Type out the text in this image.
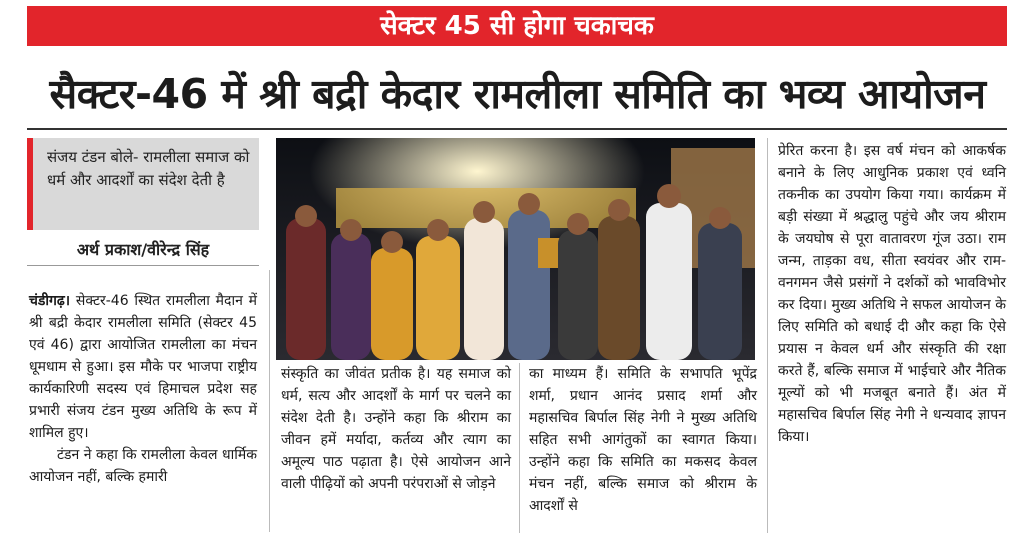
सेक्टर 45 सी होगा चकाचक
सैक्टर-46 में श्री बद्री केदार रामलीला समिति का भव्य आयोजन
संजय टंडन बोले- रामलीला समाज को धर्म और आदर्शों का संदेश देती है
अर्थ प्रकाश/वीरेन्द्र सिंह

चंडीगढ़। सेक्टर-46 स्थित रामलीला मैदान में श्री बद्री केदार रामलीला समिति (सेक्टर 45 एवं 46) द्वारा आयोजित रामलीला का मंचन धूमधाम से हुआ। इस मौके पर भाजपा राष्ट्रीय कार्यकारिणी सदस्य एवं हिमाचल प्रदेश सह प्रभारी संजय टंडन मुख्य अतिथि के रूप में शामिल हुए।

टंडन ने कहा कि रामलीला केवल धार्मिक आयोजन नहीं, बल्कि हमारी

संस्कृति का जीवंत प्रतीक है। यह समाज को धर्म, सत्य और आदर्शों के मार्ग पर चलने का संदेश देती है। उन्होंने कहा कि श्रीराम का जीवन हमें मर्यादा, कर्तव्य और त्याग का अमूल्य पाठ पढ़ाता है। ऐसे आयोजन आने वाली पीढ़ियों को अपनी परंपराओं से जोड़ने

का माध्यम हैं। समिति के सभापति भूपेंद्र शर्मा, प्रधान आनंद प्रसाद शर्मा और महासचिव बिर्पाल सिंह नेगी ने मुख्य अतिथि सहित सभी आगंतुकों का स्वागत किया। उन्होंने कहा कि समिति का मकसद केवल मंचन नहीं, बल्कि समाज को श्रीराम के आदर्शों से

प्रेरित करना है। इस वर्ष मंचन को आकर्षक बनाने के लिए आधुनिक प्रकाश एवं ध्वनि तकनीक का उपयोग किया गया। कार्यक्रम में बड़ी संख्या में श्रद्धालु पहुंचे और जय श्रीराम के जयघोष से पूरा वातावरण गूंज उठा। राम जन्म, ताड़का वध, सीता स्वयंवर और राम-वनगमन जैसे प्रसंगों ने दर्शकों को भावविभोर कर दिया। मुख्य अतिथि ने सफल आयोजन के लिए समिति को बधाई दी और कहा कि ऐसे प्रयास न केवल धर्म और संस्कृति की रक्षा करते हैं, बल्कि समाज में भाईचारे और नैतिक मूल्यों को भी मजबूत बनाते हैं। अंत में महासचिव बिर्पाल सिंह नेगी ने धन्यवाद ज्ञापन किया।
